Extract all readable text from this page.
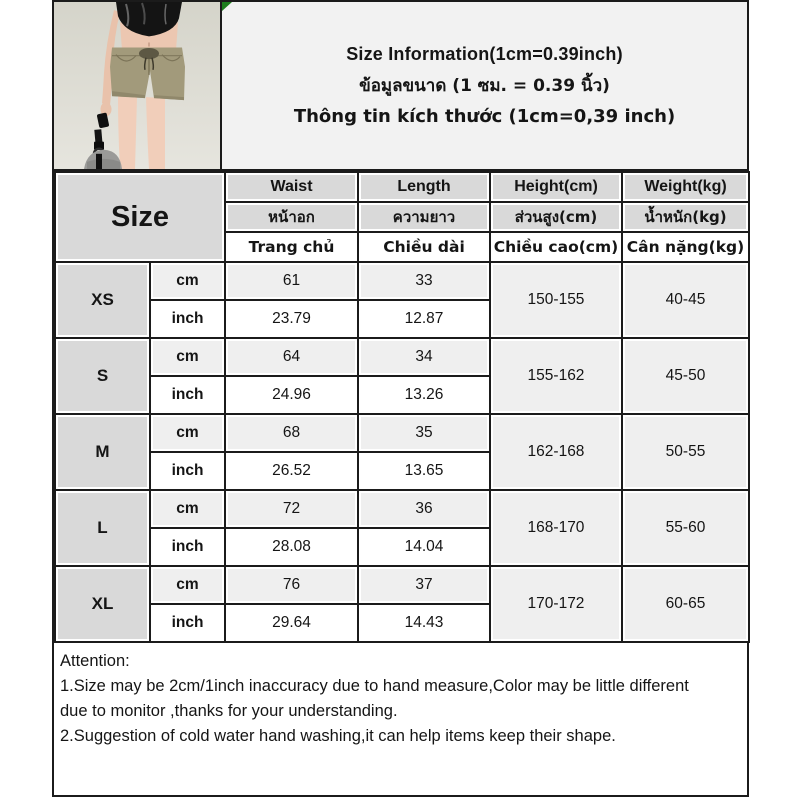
Size Information(1cm=0.39inch)
ข้อมูลขนาด (1 ซม. = 0.39 นิ้ว)
Thông tin kích thước (1cm=0,39 inch)
Size		Waist	Length	Height(cm)	Weight(kg)
		หน้าอก	ความยาว	ส่วนสูง(cm)	น้ำหนัก(kg)
		Trang chủ	Chiều dài	Chiều cao(cm)	Cân nặng(kg)
XS	cm	61	33	150-155	40-45
	inch	23.79	12.87		
S	cm	64	34	155-162	45-50
	inch	24.96	13.26		
M	cm	68	35	162-168	50-55
	inch	26.52	13.65		
L	cm	72	36	168-170	55-60
	inch	28.08	14.04		
XL	cm	76	37	170-172	60-65
	inch	29.64	14.43		
Attention:
1.Size may be 2cm/1inch inaccuracy due to hand measure,Color may be little different
due to monitor ,thanks for your understanding.
2.Suggestion of cold water hand washing,it can help items keep their shape.
